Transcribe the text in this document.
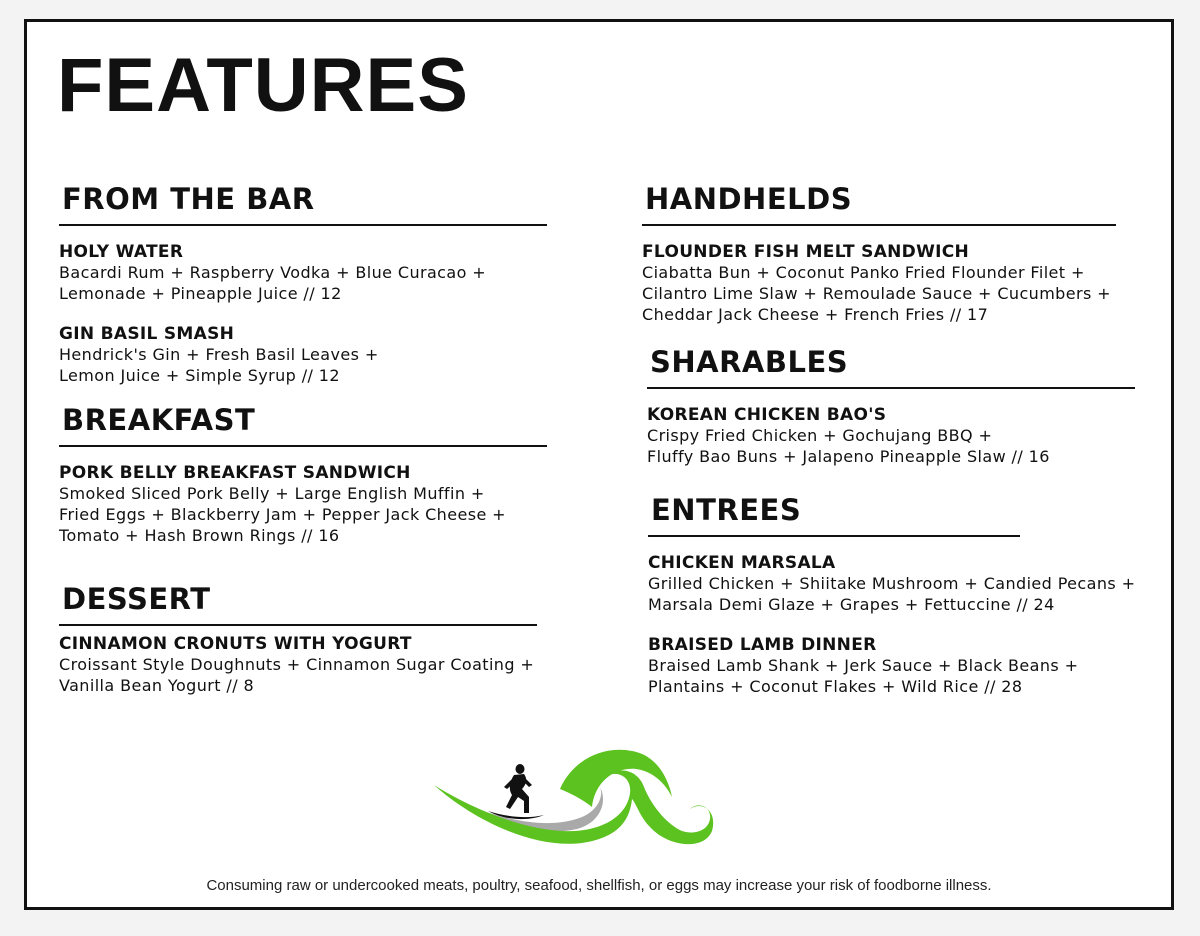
FEATURES
FROM THE BAR
HOLY WATER
Bacardi Rum + Raspberry Vodka + Blue Curacao +
Lemonade + Pineapple Juice // 12
GIN BASIL SMASH
Hendrick's Gin + Fresh Basil Leaves +
Lemon Juice + Simple Syrup // 12
BREAKFAST
PORK BELLY BREAKFAST SANDWICH
Smoked Sliced Pork Belly + Large English Muffin +
Fried Eggs + Blackberry Jam + Pepper Jack Cheese +
Tomato + Hash Brown Rings // 16
DESSERT
CINNAMON CRONUTS WITH YOGURT
Croissant Style Doughnuts + Cinnamon Sugar Coating +
Vanilla Bean Yogurt // 8
HANDHELDS
FLOUNDER FISH MELT SANDWICH
Ciabatta Bun + Coconut Panko Fried Flounder Filet +
Cilantro Lime Slaw + Remoulade Sauce + Cucumbers +
Cheddar Jack Cheese + French Fries // 17
SHARABLES
KOREAN CHICKEN BAO'S
Crispy Fried Chicken + Gochujang BBQ +
Fluffy Bao Buns + Jalapeno Pineapple Slaw // 16
ENTREES
CHICKEN MARSALA
Grilled Chicken + Shiitake Mushroom + Candied Pecans +
Marsala Demi Glaze + Grapes + Fettuccine // 24
BRAISED LAMB DINNER
Braised Lamb Shank + Jerk Sauce + Black Beans +
Plantains + Coconut Flakes + Wild Rice // 28
Consuming raw or undercooked meats, poultry, seafood, shellfish, or eggs may increase your risk of foodborne illness.
